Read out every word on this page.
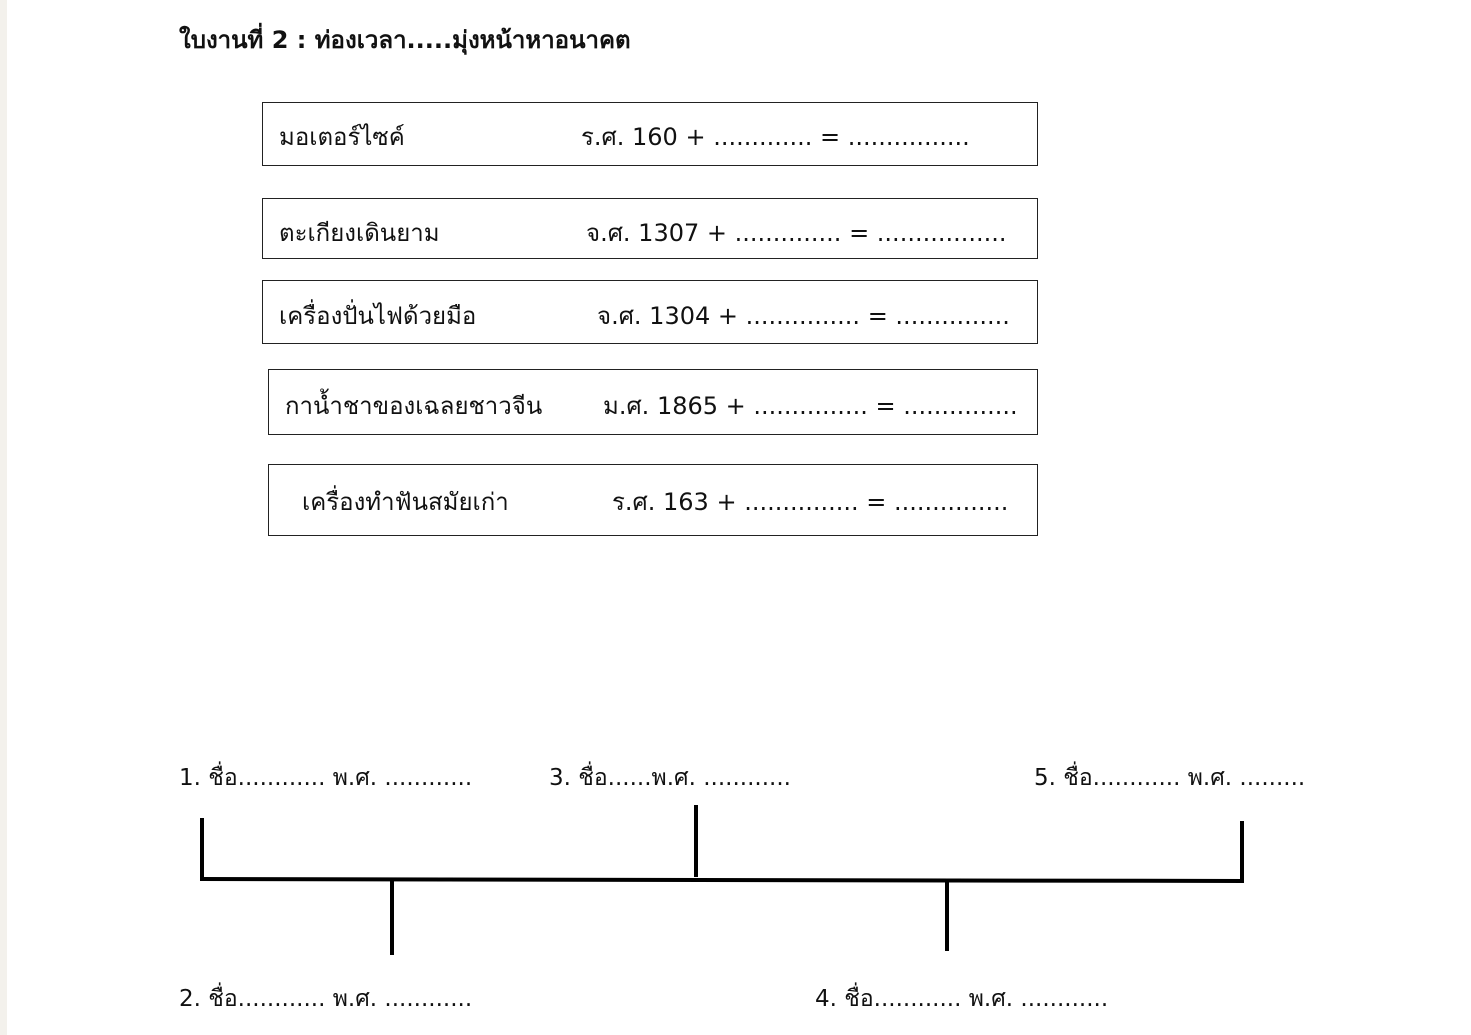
ใบงานที่ 2 : ท่องเวลา.....มุ่งหน้าหาอนาคต
มอเตอร์ไซค์	ร.ศ. 160 + ............. = ................
ตะเกียงเดินยาม	จ.ศ. 1307 + .............. = .................
เครื่องปั่นไฟด้วยมือ	จ.ศ. 1304 + ............... = ...............
กาน้ำชาของเฉลยชาวจีน	ม.ศ. 1865 + ............... = ...............
เครื่องทำฟันสมัยเก่า	ร.ศ. 163 + ............... = ...............
1. ชื่อ............ พ.ศ. ............	3. ชื่อ......พ.ศ. ............	5. ชื่อ............ พ.ศ. .........
2. ชื่อ............ พ.ศ. ............	4. ชื่อ............ พ.ศ. ............
